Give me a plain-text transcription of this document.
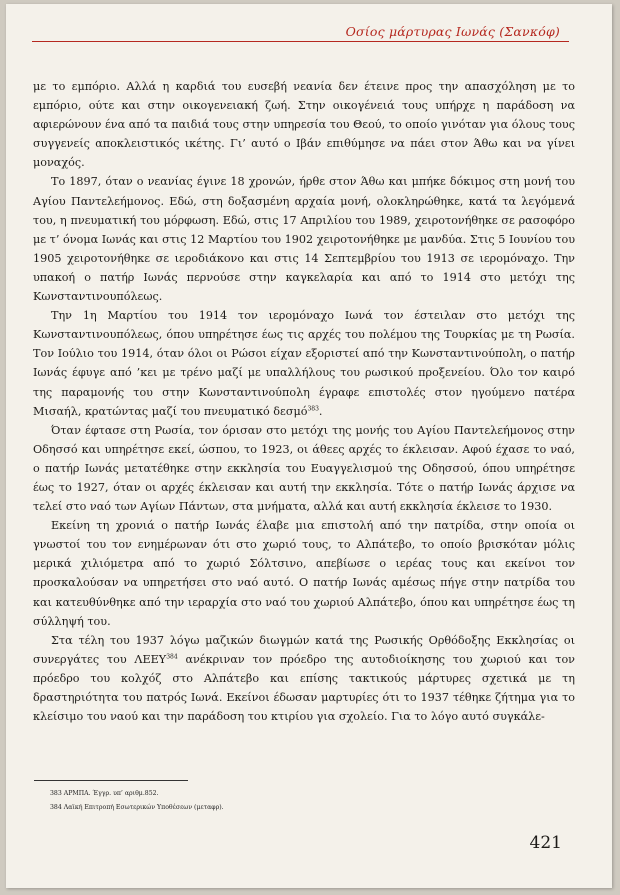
Οσίος μάρτυρας Ιωνάς (Σανκόφ)

με το εμπόριο. Αλλά η καρδιά του ευσεβή νεανία δεν έτεινε προς την απασχόληση με το εμπόριο, ούτε και στην οικογενειακή ζωή. Στην οικογένειά τους υπήρχε η παράδοση να αφιερώνουν ένα από τα παιδιά τους στην υπηρεσία του Θεού, το οποίο γινόταν για όλους τους συγγενείς αποκλειστικός ικέτης. Γι’ αυτό ο Ιβάν επιθύμησε να πάει στον Άθω και να γίνει μοναχός.

Το 1897, όταν ο νεανίας έγινε 18 χρονών, ήρθε στον Άθω και μπήκε δόκιμος στη μονή του Αγίου Παντελεήμονος. Εδώ, στη δοξασμένη αρχαία μονή, ολοκληρώθηκε, κατά τα λεγόμενά του, η πνευματική του μόρφωση. Εδώ, στις 17 Απριλίου του 1989, χειροτονήθηκε σε ρασοφόρο με τ’ όνομα Ιωνάς και στις 12 Μαρτίου του 1902 χειροτονήθηκε με μανδύα. Στις 5 Ιουνίου του 1905 χειροτονήθηκε σε ιεροδιάκονο και στις 14 Σεπτεμβρίου του 1913 σε ιερομόναχο. Την υπακοή ο πατήρ Ιωνάς περνούσε στην καγκελαρία και από το 1914 στο μετόχι της Κωνσταντινουπόλεως.

Την 1η Μαρτίου του 1914 τον ιερομόναχο Ιωνά τον έστειλαν στο μετόχι της Κωνσταντινουπόλεως, όπου υπηρέτησε έως τις αρχές του πολέμου της Τουρκίας με τη Ρωσία. Τον Ιούλιο του 1914, όταν όλοι οι Ρώσοι είχαν εξοριστεί από την Κωνσταντινούπολη, ο πατήρ Ιωνάς έφυγε από ’κει με τρένο μαζί με υπαλλήλους του ρωσικού προξενείου. Όλο τον καιρό της παραμονής του στην Κωνσταντινούπολη έγραφε επιστολές στον ηγούμενο πατέρα Μισαήλ, κρατώντας μαζί του πνευματικό δεσμό$^{383}$.

Όταν έφτασε στη Ρωσία, τον όρισαν στο μετόχι της μονής του Αγίου Παντελεήμονος στην Οδησσό και υπηρέτησε εκεί, ώσπου, το 1923, οι άθεες αρχές το έκλεισαν. Αφού έχασε το ναό, ο πατήρ Ιωνάς μετατέθηκε στην εκκλησία του Ευαγγελισμού της Οδησσού, όπου υπηρέτησε έως το 1927, όταν οι αρχές έκλεισαν και αυτή την εκκλησία. Τότε ο πατήρ Ιωνάς άρχισε να τελεί στο ναό των Αγίων Πάντων, στα μνήματα, αλλά και αυτή εκκλησία έκλεισε το 1930.

Εκείνη τη χρονιά ο πατήρ Ιωνάς έλαβε μια επιστολή από την πατρίδα, στην οποία οι γνωστοί του τον ενημέρωναν ότι στο χωριό τους, το Αλπάτεβο, το οποίο βρισκόταν μόλις μερικά χιλιόμετρα από το χωριό Σόλτσινο, απεβίωσε ο ιερέας τους και εκείνοι τον προσκαλούσαν να υπηρετήσει στο ναό αυτό. Ο πατήρ Ιωνάς αμέσως πήγε στην πατρίδα του και κατευθύνθηκε από την ιεραρχία στο ναό του χωριού Αλπάτεβο, όπου και υπηρέτησε έως τη σύλληψή του.

Στα τέλη του 1937 λόγω μαζικών διωγμών κατά της Ρωσικής Ορθόδοξης Εκκλησίας οι συνεργάτες του ΛΕΕΥ$^{384}$ ανέκριναν τον πρόεδρο της αυτοδιοίκησης του χωριού και τον πρόεδρο του κολχόζ στο Αλπάτεβο και επίσης τακτικούς μάρτυρες σχετικά με τη δραστηριότητα του πατρός Ιωνά. Εκείνοι έδωσαν μαρτυρίες ότι το 1937 τέθηκε ζήτημα για το κλείσιμο του ναού και την παράδοση του κτιρίου για σχολείο. Για το λόγο αυτό συγκάλε-

383 ΑΡΜΠΑ. Έγγρ. υπ’ αριθμ.852.
384 Λαϊκή Επιτροπή Εσωτερικών Υποθέσεων (μεταφρ).
421
